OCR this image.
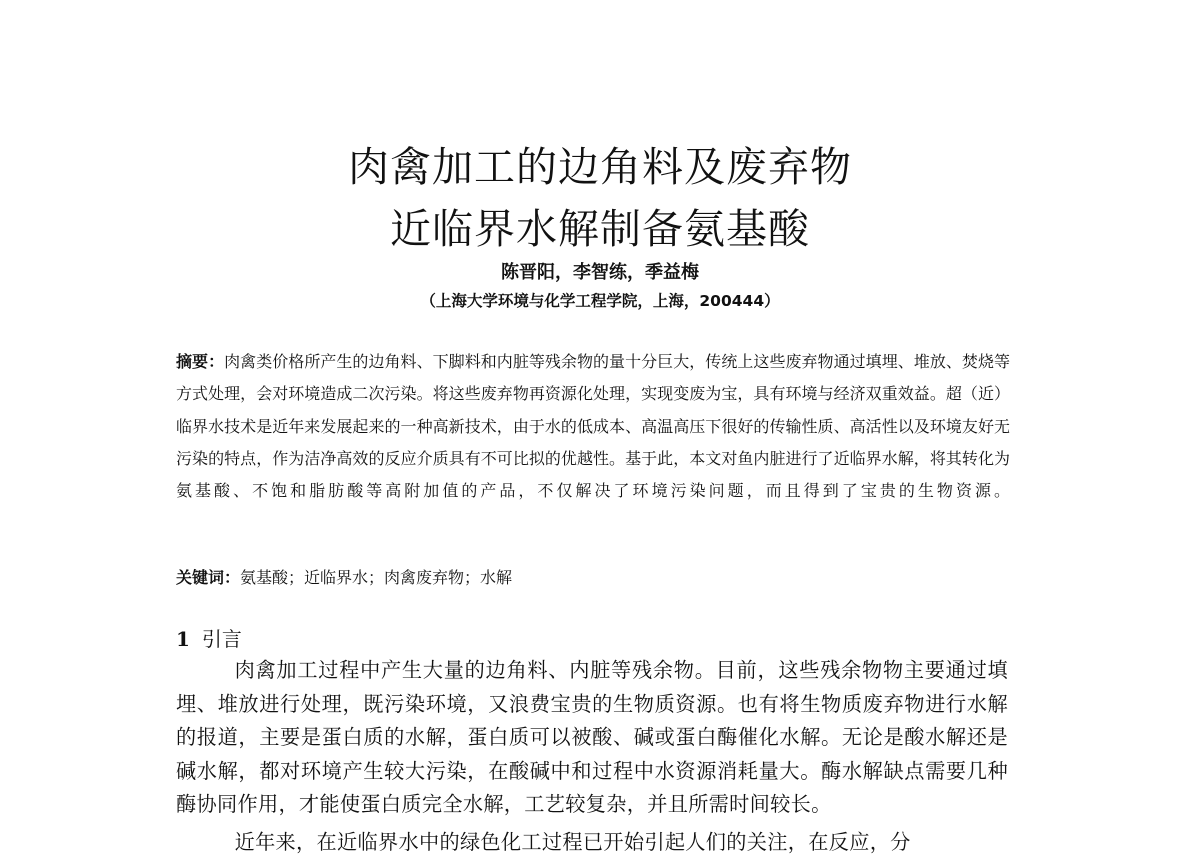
肉禽加工的边角料及废弃物
近临界水解制备氨基酸
陈晋阳，李智练，季益梅
（上海大学环境与化学工程学院，上海，200444）
摘要：肉禽类价格所产生的边角料、下脚料和内脏等残余物的量十分巨大，传统上这些废弃物通过填埋、堆放、焚烧等方式处理，会对环境造成二次污染。将这些废弃物再资源化处理，实现变废为宝，具有环境与经济双重效益。超（近）临界水技术是近年来发展起来的一种高新技术，由于水的低成本、高温高压下很好的传输性质、高活性以及环境友好无污染的特点，作为洁净高效的反应介质具有不可比拟的优越性。基于此，本文对鱼内脏进行了近临界水解，将其转化为氨基酸、不饱和脂肪酸等高附加值的产品，不仅解决了环境污染问题，而且得到了宝贵的生物资源。
关键词：氨基酸；近临界水；肉禽废弃物；水解
1 引言

肉禽加工过程中产生大量的边角料、内脏等残余物。目前，这些残余物物主要通过填埋、堆放进行处理，既污染环境，又浪费宝贵的生物质资源。也有将生物质废弃物进行水解的报道，主要是蛋白质的水解，蛋白质可以被酸、碱或蛋白酶催化水解。无论是酸水解还是碱水解，都对环境产生较大污染，在酸碱中和过程中水资源消耗量大。酶水解缺点需要几种酶协同作用，才能使蛋白质完全水解，工艺较复杂，并且所需时间较长。

近年来，在近临界水中的绿色化工过程已开始引起人们的关注，在反应，分
